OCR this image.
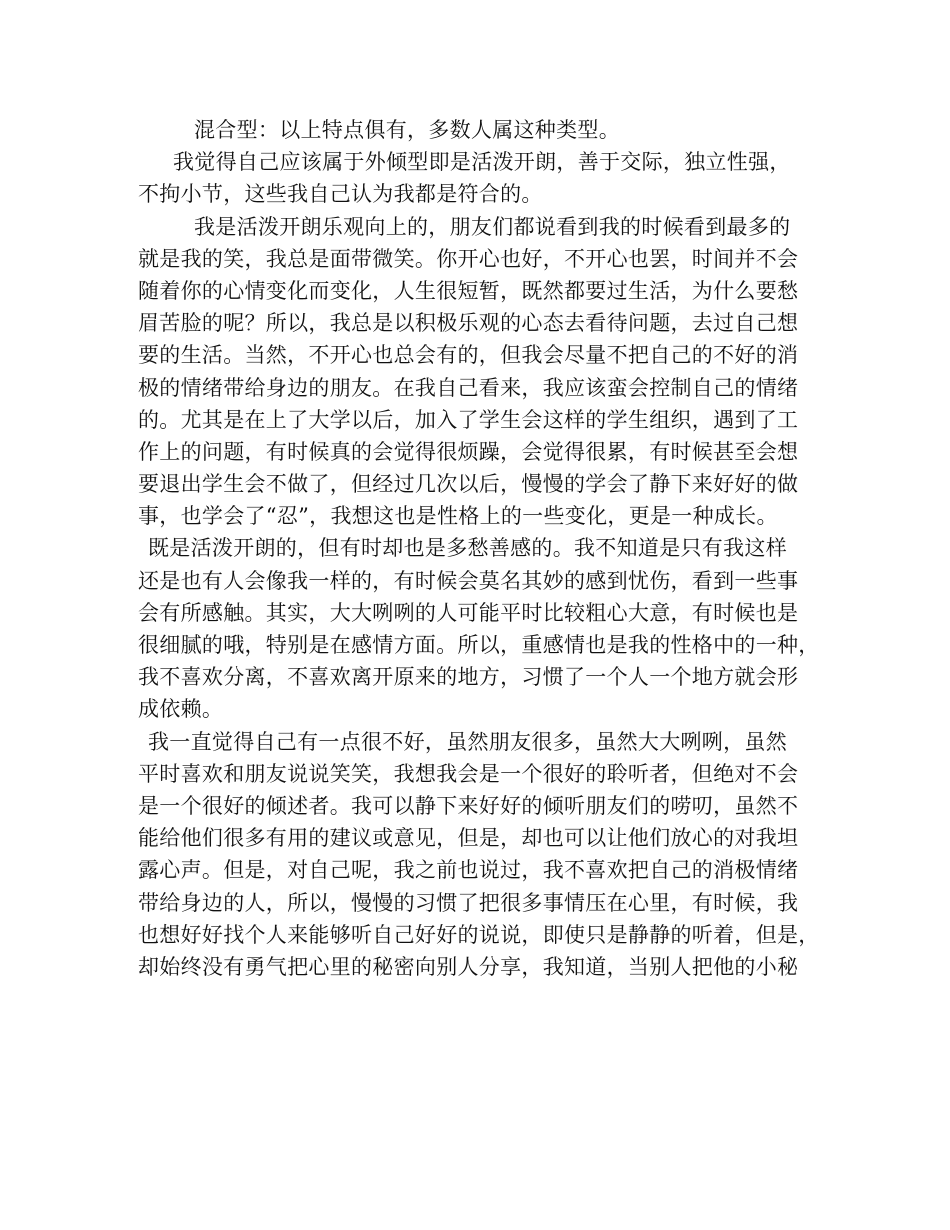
混合型：以上特点俱有，多数人属这种类型。
我觉得自己应该属于外倾型即是活泼开朗，善于交际，独立性强，
不拘小节，这些我自己认为我都是符合的。
我是活泼开朗乐观向上的，朋友们都说看到我的时候看到最多的
就是我的笑，我总是面带微笑。你开心也好，不开心也罢，时间并不会
随着你的心情变化而变化，人生很短暂，既然都要过生活，为什么要愁
眉苦脸的呢？所以，我总是以积极乐观的心态去看待问题，去过自己想
要的生活。当然，不开心也总会有的，但我会尽量不把自己的不好的消
极的情绪带给身边的朋友。在我自己看来，我应该蛮会控制自己的情绪
的。尤其是在上了大学以后，加入了学生会这样的学生组织，遇到了工
作上的问题，有时候真的会觉得很烦躁，会觉得很累，有时候甚至会想
要退出学生会不做了，但经过几次以后，慢慢的学会了静下来好好的做
事，也学会了“忍”，我想这也是性格上的一些变化，更是一种成长。
既是活泼开朗的，但有时却也是多愁善感的。我不知道是只有我这样
还是也有人会像我一样的，有时候会莫名其妙的感到忧伤，看到一些事
会有所感触。其实，大大咧咧的人可能平时比较粗心大意，有时候也是
很细腻的哦，特别是在感情方面。所以，重感情也是我的性格中的一种，
我不喜欢分离，不喜欢离开原来的地方，习惯了一个人一个地方就会形
成依赖。
我一直觉得自己有一点很不好，虽然朋友很多，虽然大大咧咧，虽然
平时喜欢和朋友说说笑笑，我想我会是一个很好的聆听者，但绝对不会
是一个很好的倾述者。我可以静下来好好的倾听朋友们的唠叨，虽然不
能给他们很多有用的建议或意见，但是，却也可以让他们放心的对我坦
露心声。但是，对自己呢，我之前也说过，我不喜欢把自己的消极情绪
带给身边的人，所以，慢慢的习惯了把很多事情压在心里，有时候，我
也想好好找个人来能够听自己好好的说说，即使只是静静的听着，但是，
却始终没有勇气把心里的秘密向别人分享，我知道，当别人把他的小秘
